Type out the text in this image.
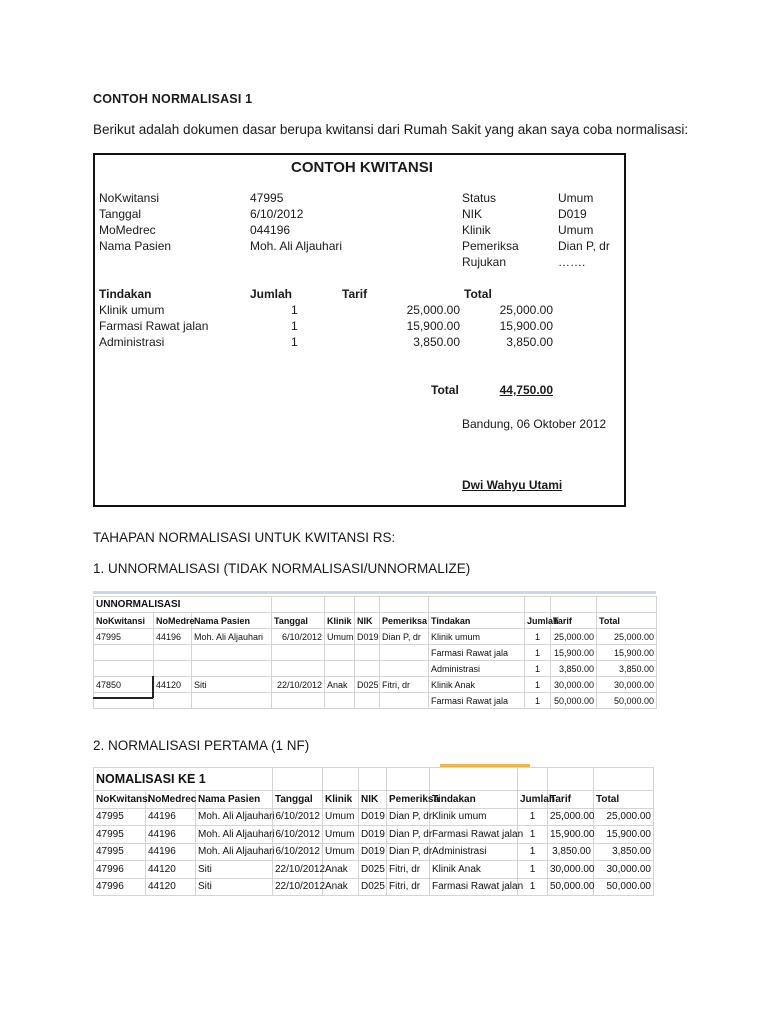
CONTOH NORMALISASI 1
Berikut adalah dokumen dasar berupa kwitansi dari Rumah Sakit yang akan saya coba normalisasi:
CONTOH KWITANSI
NoKwitansi	47995
Tanggal	6/10/2012
MoMedrec	044196
Nama Pasien	Moh. Ali Aljauhari
Status	Umum
NIK	D019
Klinik	Umum
Pemeriksa	Dian P, dr
Rujukan	…….
Tindakan	Jumlah	Tarif	Total
Klinik umum	1	25,000.00	25,000.00
Farmasi Rawat jalan	1	15,900.00	15,900.00
Administrasi	1	3,850.00	3,850.00
Total	44,750.00
Bandung, 06 Oktober 2012
Dwi Wahyu Utami
TAHAPAN NORMALISASI UNTUK KWITANSI RS:
1. UNNORMALISASI (TIDAK NORMALISASI/UNNORMALIZE)
UNNORMALISASI										
NoKwitansi	NoMedre	Nama Pasien	Tanggal	Klinik	NIK	Pemeriksa	Tindakan	Jumlah	Tarif	Total
47995	44196	Moh. Ali Aljauhari	6/10/2012	Umum	D019	Dian P, dr	Klinik umum	1	25,000.00	25,000.00
							Farmasi Rawat jala	1	15,900.00	15,900.00
							Administrasi	1	3,850.00	3,850.00
47850	44120	Siti	22/10/2012	Anak	D025	Fitri, dr	Klinik Anak	1	30,000.00	30,000.00
							Farmasi Rawat jala	1	50,000.00	50,000.00
2. NORMALISASI PERTAMA (1 NF)
NOMALISASI KE 1										
NoKwitansi	NoMedrec	Nama Pasien	Tanggal	Klinik	NIK	Pemeriksa	Tindakan	Jumlah	Tarif	Total
47995	44196	Moh. Ali Aljauhari	6/10/2012	Umum	D019	Dian P, dr	Klinik umum	1	25,000.00	25,000.00
47995	44196	Moh. Ali Aljauhari	6/10/2012	Umum	D019	Dian P, dr	Farmasi Rawat jalan	1	15,900.00	15,900.00
47995	44196	Moh. Ali Aljauhari	6/10/2012	Umum	D019	Dian P, dr	Administrasi	1	3,850.00	3,850.00
47996	44120	Siti	22/10/2012	Anak	D025	Fitri, dr	Klinik Anak	1	30,000.00	30,000.00
47996	44120	Siti	22/10/2012	Anak	D025	Fitri, dr	Farmasi Rawat jalan	1	50,000.00	50,000.00
